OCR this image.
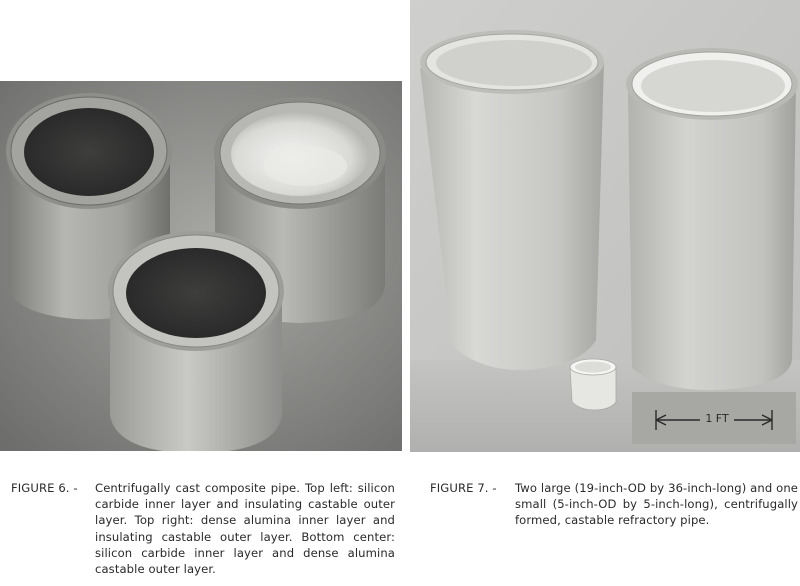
1 FT
FIGURE 6. - Centrifugally cast composite pipe. Top left: silicon carbide inner layer and insulating castable outer layer. Top right: dense alumina inner layer and insulating castable outer layer. Bottom center: silicon carbide inner layer and dense alumina castable outer layer.
FIGURE 7. - Two large (19-inch-OD by 36-inch-long) and one small (5-inch-OD by 5-inch-long), centrifugally formed, castable refractory pipe.
